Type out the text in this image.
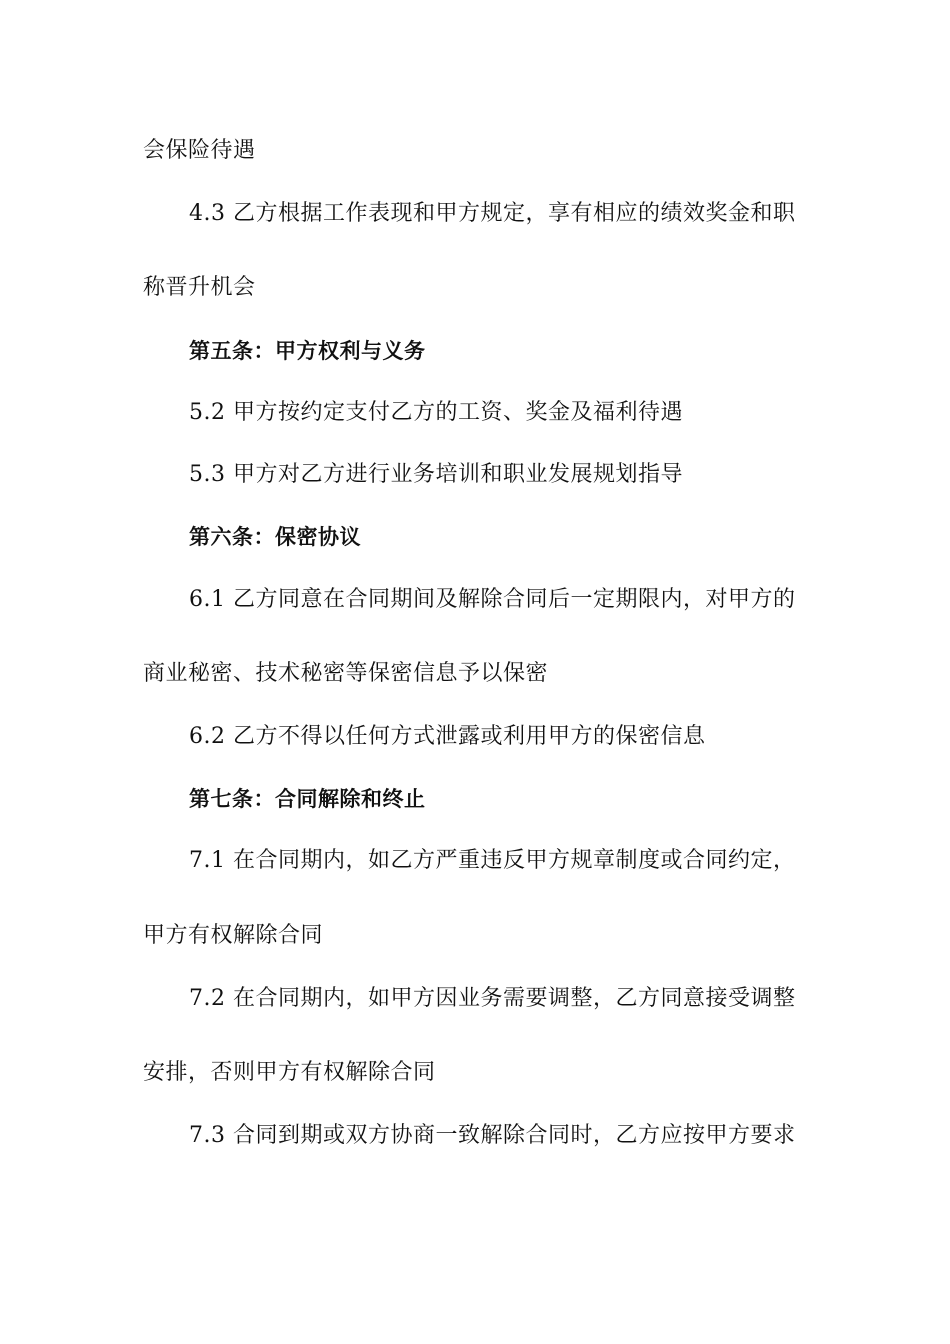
会保险待遇
4.3 乙方根据工作表现和甲方规定，享有相应的绩效奖金和职
称晋升机会
第五条：甲方权利与义务
5.2 甲方按约定支付乙方的工资、奖金及福利待遇
5.3 甲方对乙方进行业务培训和职业发展规划指导
第六条：保密协议
6.1 乙方同意在合同期间及解除合同后一定期限内，对甲方的
商业秘密、技术秘密等保密信息予以保密
6.2 乙方不得以任何方式泄露或利用甲方的保密信息
第七条：合同解除和终止
7.1 在合同期内，如乙方严重违反甲方规章制度或合同约定，
甲方有权解除合同
7.2 在合同期内，如甲方因业务需要调整，乙方同意接受调整
安排，否则甲方有权解除合同
7.3 合同到期或双方协商一致解除合同时，乙方应按甲方要求
